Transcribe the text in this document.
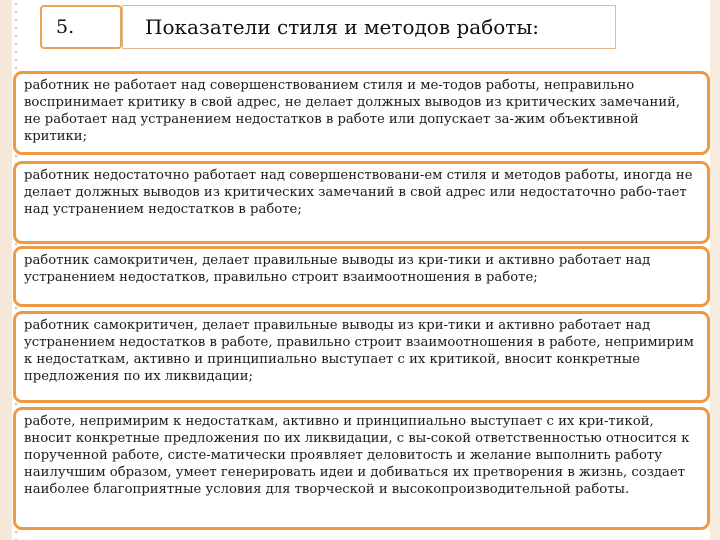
5.	Показатели стиля и методов работы:

работник не работает над совершенствованием стиля и ме-тодов работы, неправильно воспринимает критику в свой адрес, не делает должных выводов из критических замечаний, не работает над устранением недостатков в работе или допускает за-жим объективной критики;

работник недостаточно работает над совершенствовани-ем стиля и методов работы, иногда не делает должных выводов из критических замечаний в свой адрес или недостаточно рабо-тает над устранением недостатков в работе;

работник самокритичен, делает правильные выводы из кри-тики и активно работает над устранением недостатков, правильно строит взаимоотношения в работе;

работник самокритичен, делает правильные выводы из кри-тики и активно работает над устранением недостатков в работе, правильно строит взаимоотношения в работе, непримирим к недостаткам, активно и принципиально выступает с их критикой, вносит конкретные предложения по их ликвидации;

работе, непримирим к недостаткам, активно и принципиально выступает с их кри-тикой, вносит конкретные предложения по их ликвидации, с вы-сокой ответственностью относится к порученной работе, систе-матически проявляет деловитость и желание выполнить работу наилучшим образом, умеет генерировать идеи и добиваться их претворения в жизнь, создает наиболее благоприятные условия для творческой и высокопроизводительной работы.
